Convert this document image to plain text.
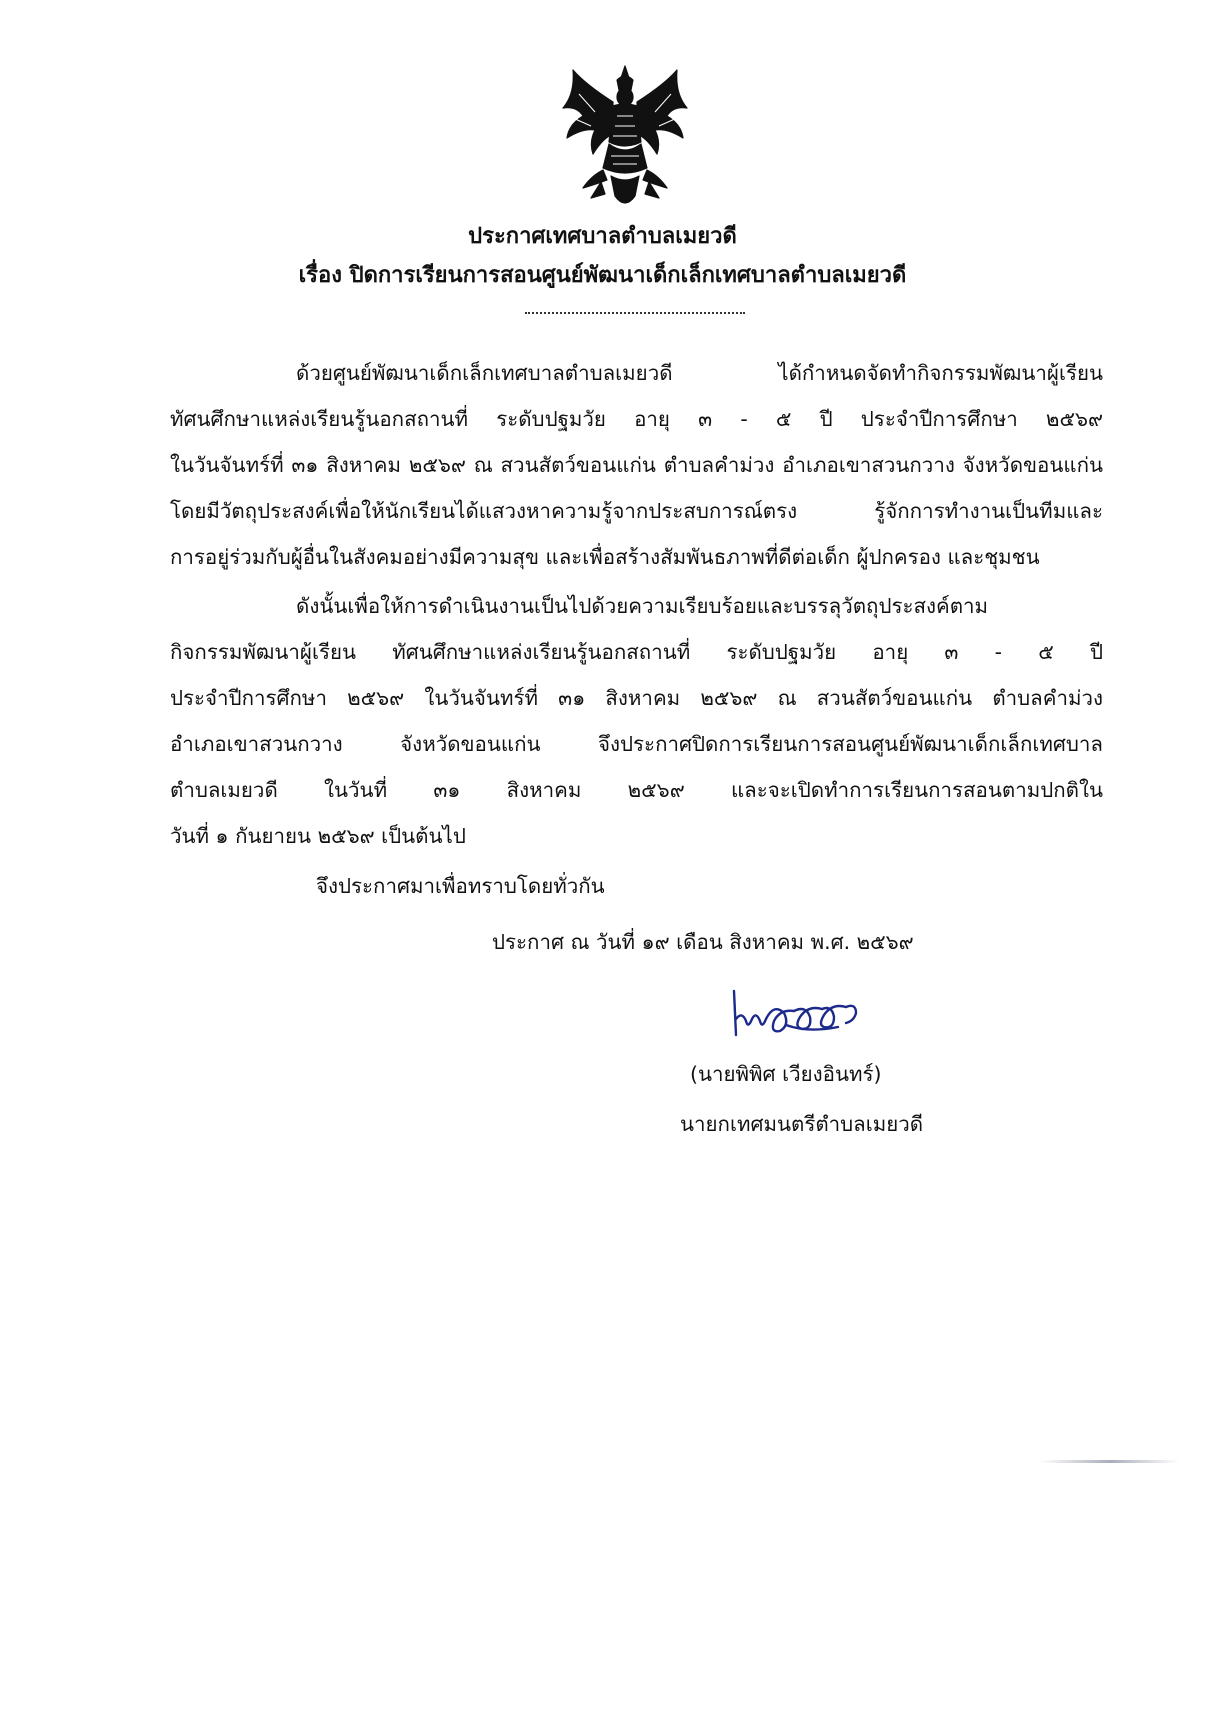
ประกาศเทศบาลตำบลเมยวดี
เรื่อง ปิดการเรียนการสอนศูนย์พัฒนาเด็กเล็กเทศบาลตำบลเมยวดี
ด้วยศูนย์พัฒนาเด็กเล็กเทศบาลตำบลเมยวดี ได้กำหนดจัดทำกิจกรรมพัฒนาผู้เรียน
ทัศนศึกษาแหล่งเรียนรู้นอกสถานที่ ระดับปฐมวัย อายุ ๓ - ๕ ปี ประจำปีการศึกษา ๒๕๖๙
ในวันจันทร์ที่ ๓๑ สิงหาคม ๒๕๖๙ ณ สวนสัตว์ขอนแก่น ตำบลคำม่วง อำเภอเขาสวนกวาง จังหวัดขอนแก่น
โดยมีวัตถุประสงค์เพื่อให้นักเรียนได้แสวงหาความรู้จากประสบการณ์ตรง รู้จักการทำงานเป็นทีมและ
การอยู่ร่วมกับผู้อื่นในสังคมอย่างมีความสุข และเพื่อสร้างสัมพันธภาพที่ดีต่อเด็ก ผู้ปกครอง และชุมชน
ดังนั้นเพื่อให้การดำเนินงานเป็นไปด้วยความเรียบร้อยและบรรลุวัตถุประสงค์ตาม
กิจกรรมพัฒนาผู้เรียน ทัศนศึกษาแหล่งเรียนรู้นอกสถานที่ ระดับปฐมวัย อายุ ๓ - ๕ ปี
ประจำปีการศึกษา ๒๕๖๙ ในวันจันทร์ที่ ๓๑ สิงหาคม ๒๕๖๙ ณ สวนสัตว์ขอนแก่น ตำบลคำม่วง
อำเภอเขาสวนกวาง จังหวัดขอนแก่น จึงประกาศปิดการเรียนการสอนศูนย์พัฒนาเด็กเล็กเทศบาล
ตำบลเมยวดี ในวันที่ ๓๑ สิงหาคม ๒๕๖๙ และจะเปิดทำการเรียนการสอนตามปกติใน
วันที่ ๑ กันยายน ๒๕๖๙ เป็นต้นไป
จึงประกาศมาเพื่อทราบโดยทั่วกัน
ประกาศ ณ วันที่ ๑๙ เดือน สิงหาคม พ.ศ. ๒๕๖๙
(นายพิพิศ เวียงอินทร์)
นายกเทศมนตรีตำบลเมยวดี
